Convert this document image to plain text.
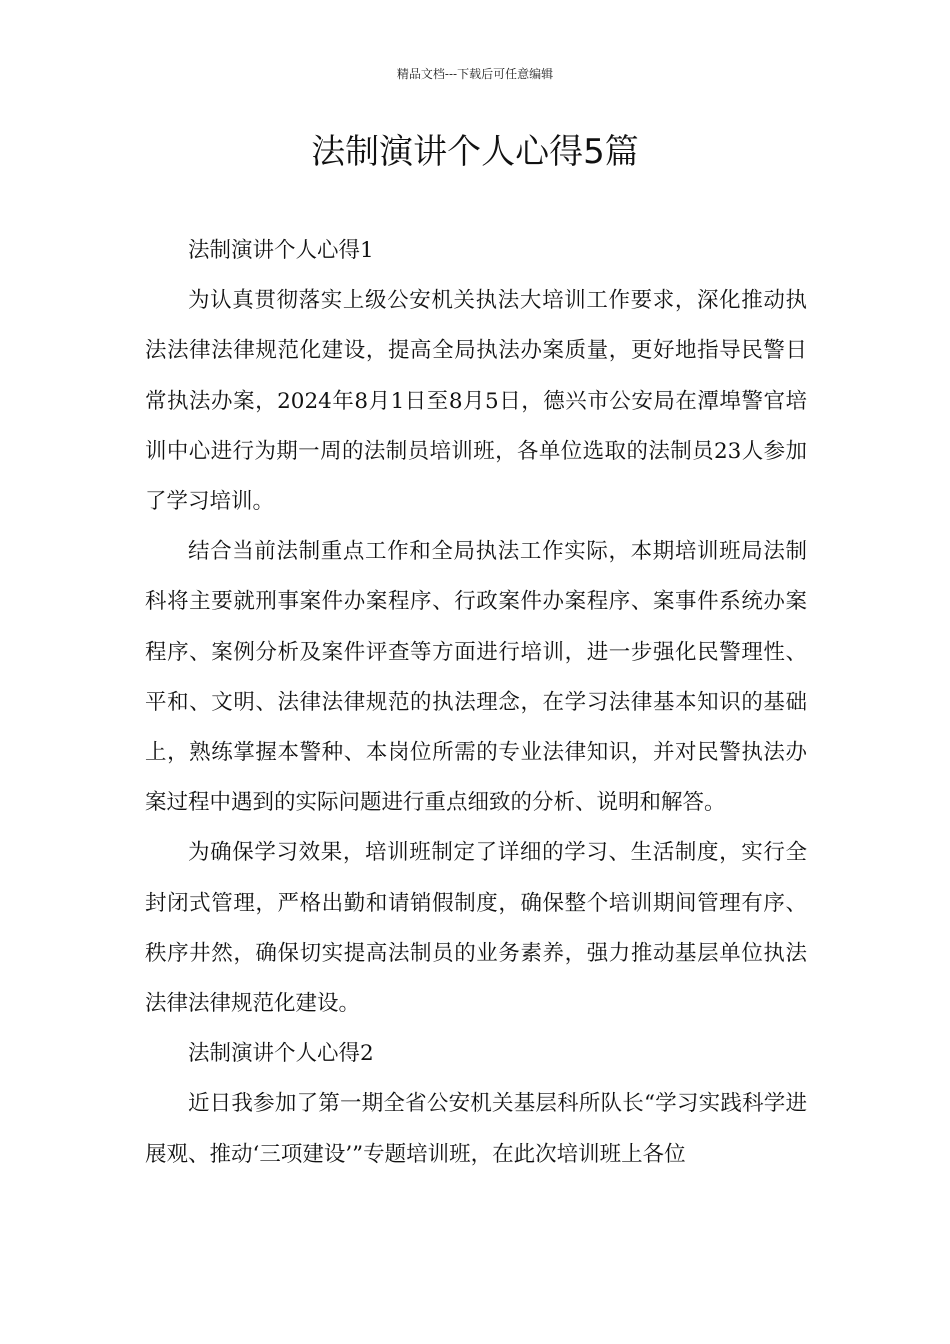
精品文档---下载后可任意编辑
法制演讲个人心得5篇

法制演讲个人心得1

为认真贯彻落实上级公安机关执法大培训工作要求，深化推动执法法律法律规范化建设，提高全局执法办案质量，更好地指导民警日常执法办案，2024年8月1日至8月5日，德兴市公安局在潭埠警官培训中心进行为期一周的法制员培训班，各单位选取的法制员23人参加了学习培训。

结合当前法制重点工作和全局执法工作实际，本期培训班局法制科将主要就刑事案件办案程序、行政案件办案程序、案事件系统办案程序、案例分析及案件评查等方面进行培训，进一步强化民警理性、平和、文明、法律法律规范的执法理念，在学习法律基本知识的基础上，熟练掌握本警种、本岗位所需的专业法律知识，并对民警执法办案过程中遇到的实际问题进行重点细致的分析、说明和解答。

为确保学习效果，培训班制定了详细的学习、生活制度，实行全封闭式管理，严格出勤和请销假制度，确保整个培训期间管理有序、秩序井然，确保切实提高法制员的业务素养，强力推动基层单位执法法律法律规范化建设。

法制演讲个人心得2

近日我参加了第一期全省公安机关基层科所队长“学习实践科学进展观、推动‘三项建设’”专题培训班，在此次培训班上各位
